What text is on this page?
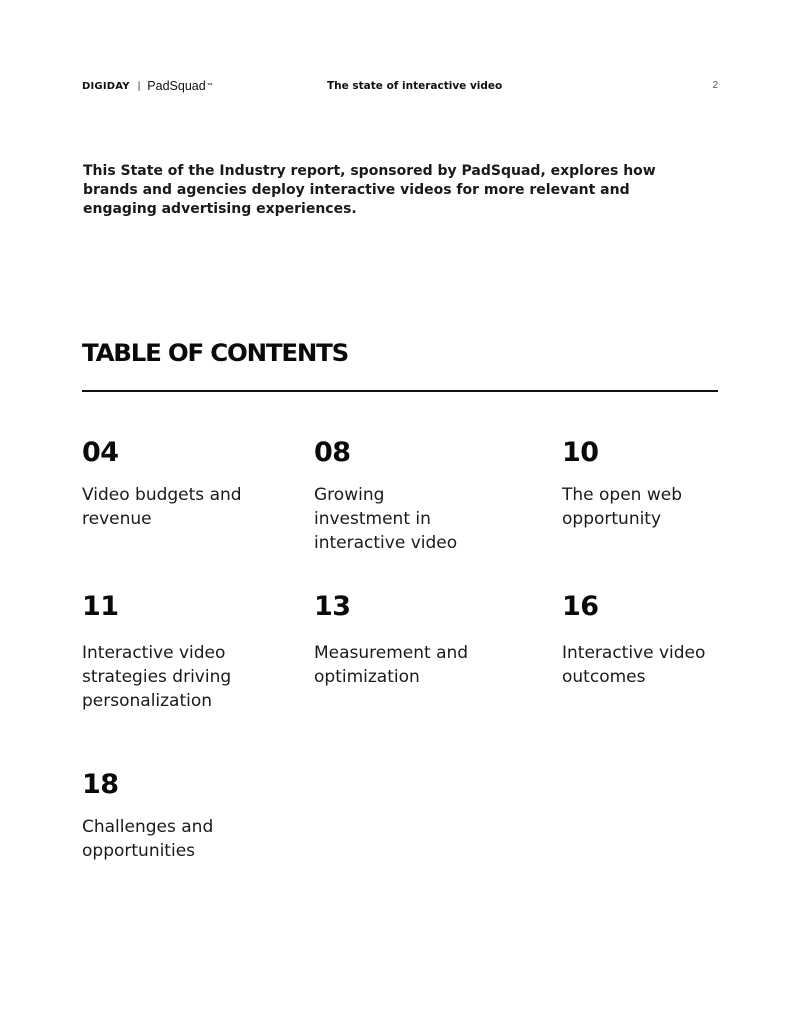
DIGIDAY | PadSquad ™	The state of interactive video	2

This State of the Industry report, sponsored by PadSquad, explores how brands and agencies deploy interactive videos for more relevant and engaging advertising experiences.

TABLE OF CONTENTS
04
Video budgets and revenue
08
Growing investment in interactive video
10
The open web opportunity
11
Interactive video strategies driving personalization
13
Measurement and optimization
16
Interactive video outcomes
18
Challenges and opportunities
